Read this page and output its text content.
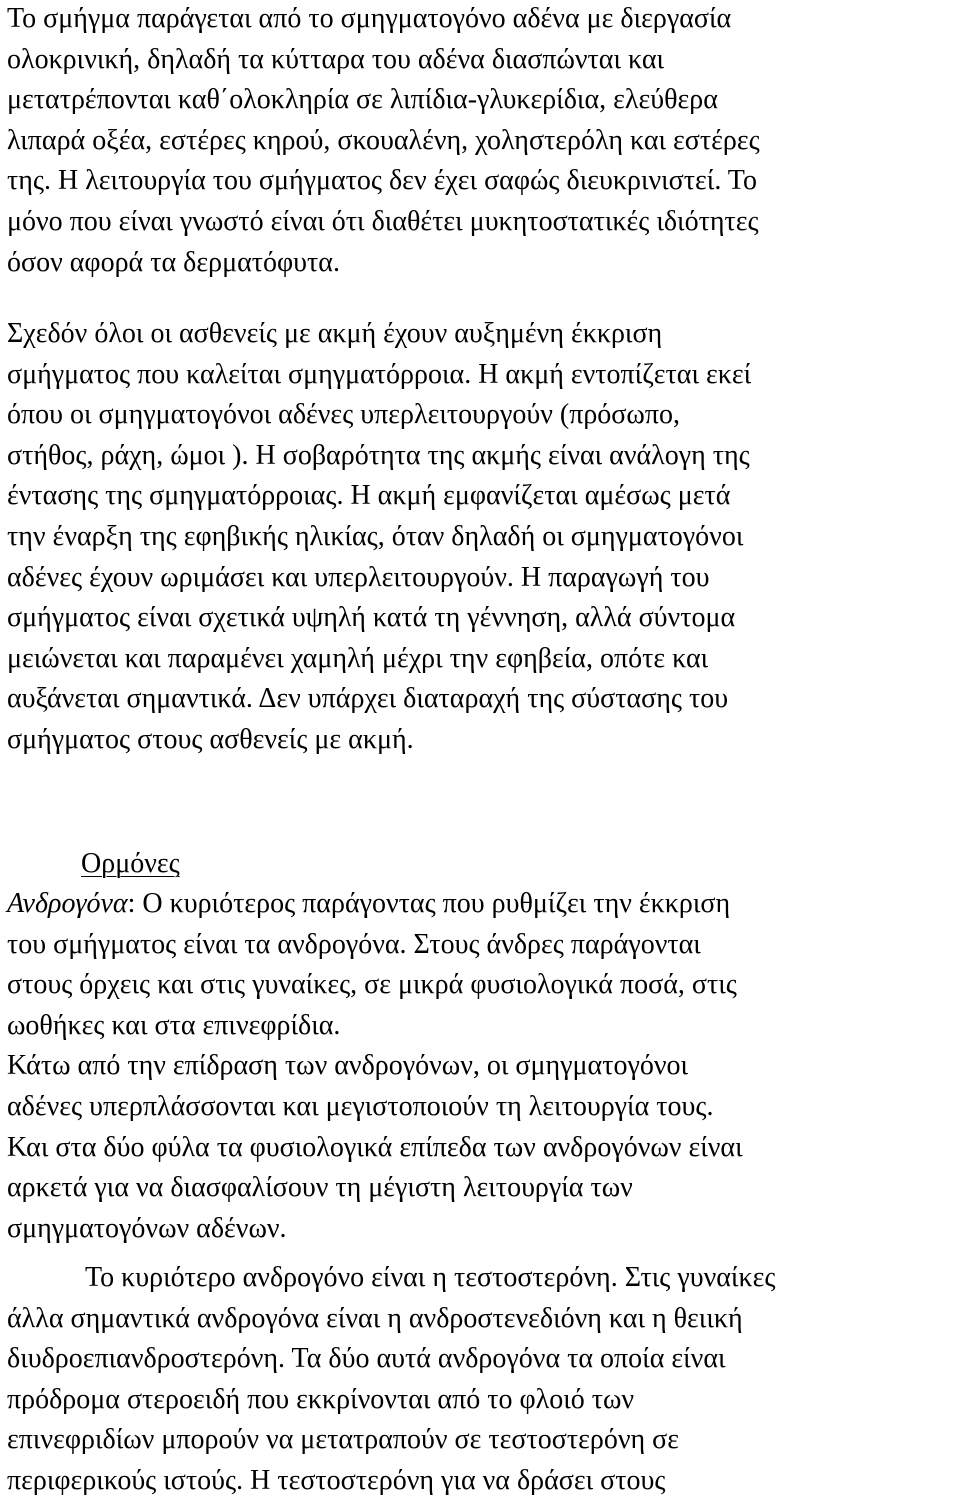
Το σμήγμα παράγεται από το σμηγματογόνο αδένα με διεργασία
ολοκρινική, δηλαδή τα κύτταρα του αδένα διασπώνται και
μετατρέπονται καθ΄ολοκληρία σε λιπίδια-γλυκερίδια, ελεύθερα
λιπαρά οξέα, εστέρες κηρού, σκουαλένη, χοληστερόλη και εστέρες
της. Η λειτουργία του σμήγματος δεν έχει σαφώς διευκρινιστεί. Το
μόνο που είναι γνωστό είναι ότι διαθέτει μυκητοστατικές ιδιότητες
όσον αφορά τα δερματόφυτα.
Σχεδόν όλοι οι ασθενείς με ακμή έχουν αυξημένη έκκριση
σμήγματος που καλείται σμηγματόρροια. Η ακμή εντοπίζεται εκεί
όπου οι σμηγματογόνοι αδένες υπερλειτουργούν (πρόσωπο,
στήθος, ράχη, ώμοι ). Η σοβαρότητα της ακμής είναι ανάλογη της
έντασης της σμηγματόρροιας. Η ακμή εμφανίζεται αμέσως μετά
την έναρξη της εφηβικής ηλικίας, όταν δηλαδή οι σμηγματογόνοι
αδένες έχουν ωριμάσει και υπερλειτουργούν. Η παραγωγή του
σμήγματος είναι σχετικά υψηλή κατά τη γέννηση, αλλά σύντομα
μειώνεται και παραμένει χαμηλή μέχρι την εφηβεία, οπότε και
αυξάνεται σημαντικά. Δεν υπάρχει διαταραχή της σύστασης του
σμήγματος στους ασθενείς με ακμή.
Ορμόνες
Ανδρογόνα: Ο κυριότερος παράγοντας που ρυθμίζει την έκκριση
του σμήγματος είναι τα ανδρογόνα. Στους άνδρες παράγονται
στους όρχεις και στις γυναίκες, σε μικρά φυσιολογικά ποσά, στις
ωοθήκες και στα επινεφρίδια.
Κάτω από την επίδραση των ανδρογόνων, οι σμηγματογόνοι
αδένες υπερπλάσσονται και μεγιστοποιούν τη λειτουργία τους.
Και στα δύο φύλα τα φυσιολογικά επίπεδα των ανδρογόνων είναι
αρκετά για να διασφαλίσουν τη μέγιστη λειτουργία των
σμηγματογόνων αδένων.
Το κυριότερο ανδρογόνο είναι η τεστοστερόνη. Στις γυναίκες
άλλα σημαντικά ανδρογόνα είναι η ανδροστενεδιόνη και η θειική
διυδροεπιανδροστερόνη. Τα δύο αυτά ανδρογόνα τα οποία είναι
πρόδρομα στεροειδή που εκκρίνονται από το φλοιό των
επινεφριδίων μπορούν να μετατραπούν σε τεστοστερόνη σε
περιφερικούς ιστούς. Η τεστοστερόνη για να δράσει στους
